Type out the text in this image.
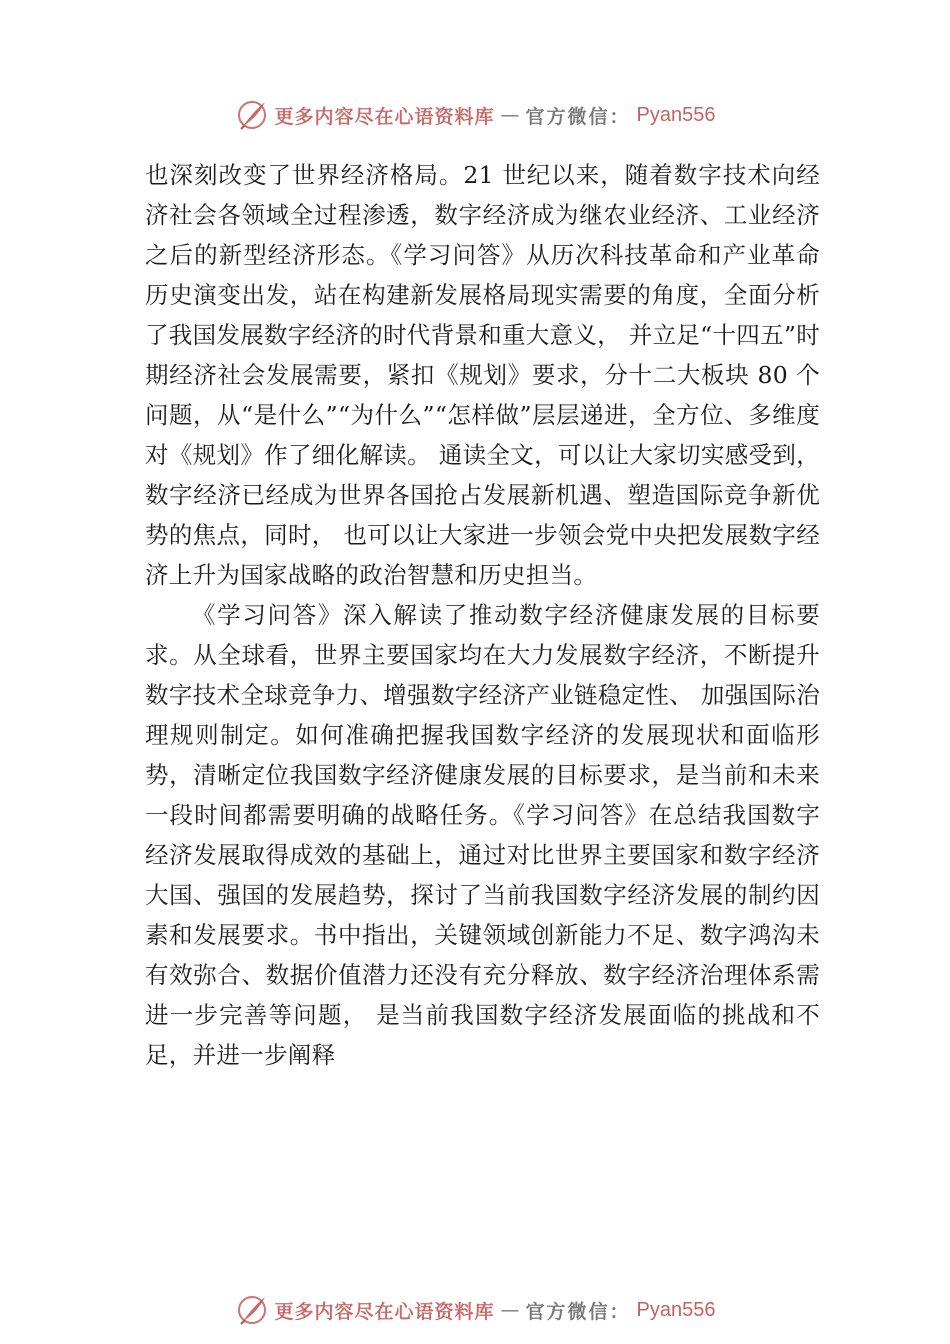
更多内容尽在心语资料库 — 官方微信： Pyan556

也深刻改变了世界经济格局。21 世纪以来，随着数字技术向经济社会各领域全过程渗透，数字经济成为继农业经济、工业经济之后的新型经济形态。《学习问答》从历次科技革命和产业革命历史演变出发，站在构建新发展格局现实需要的角度，全面分析了我国发展数字经济的时代背景和重大意义， 并立足“十四五”时期经济社会发展需要，紧扣《规划》要求，分十二大板块 80 个问题，从“是什么”“为什么”“怎样做”层层递进，全方位、多维度对《规划》作了细化解读。 通读全文，可以让大家切实感受到，数字经济已经成为世界各国抢占发展新机遇、塑造国际竞争新优势的焦点，同时， 也可以让大家进一步领会党中央把发展数字经济上升为国家战略的政治智慧和历史担当。

《学习问答》深入解读了推动数字经济健康发展的目标要求。从全球看，世界主要国家均在大力发展数字经济，不断提升数字技术全球竞争力、增强数字经济产业链稳定性、 加强国际治理规则制定。如何准确把握我国数字经济的发展现状和面临形势，清晰定位我国数字经济健康发展的目标要求，是当前和未来一段时间都需要明确的战略任务。《学习问答》在总结我国数字经济发展取得成效的基础上，通过对比世界主要国家和数字经济大国、强国的发展趋势，探讨了当前我国数字经济发展的制约因素和发展要求。书中指出，关键领域创新能力不足、数字鸿沟未有效弥合、数据价值潜力还没有充分释放、数字经济治理体系需进一步完善等问题， 是当前我国数字经济发展面临的挑战和不足，并进一步阐释

更多内容尽在心语资料库 — 官方微信： Pyan556
